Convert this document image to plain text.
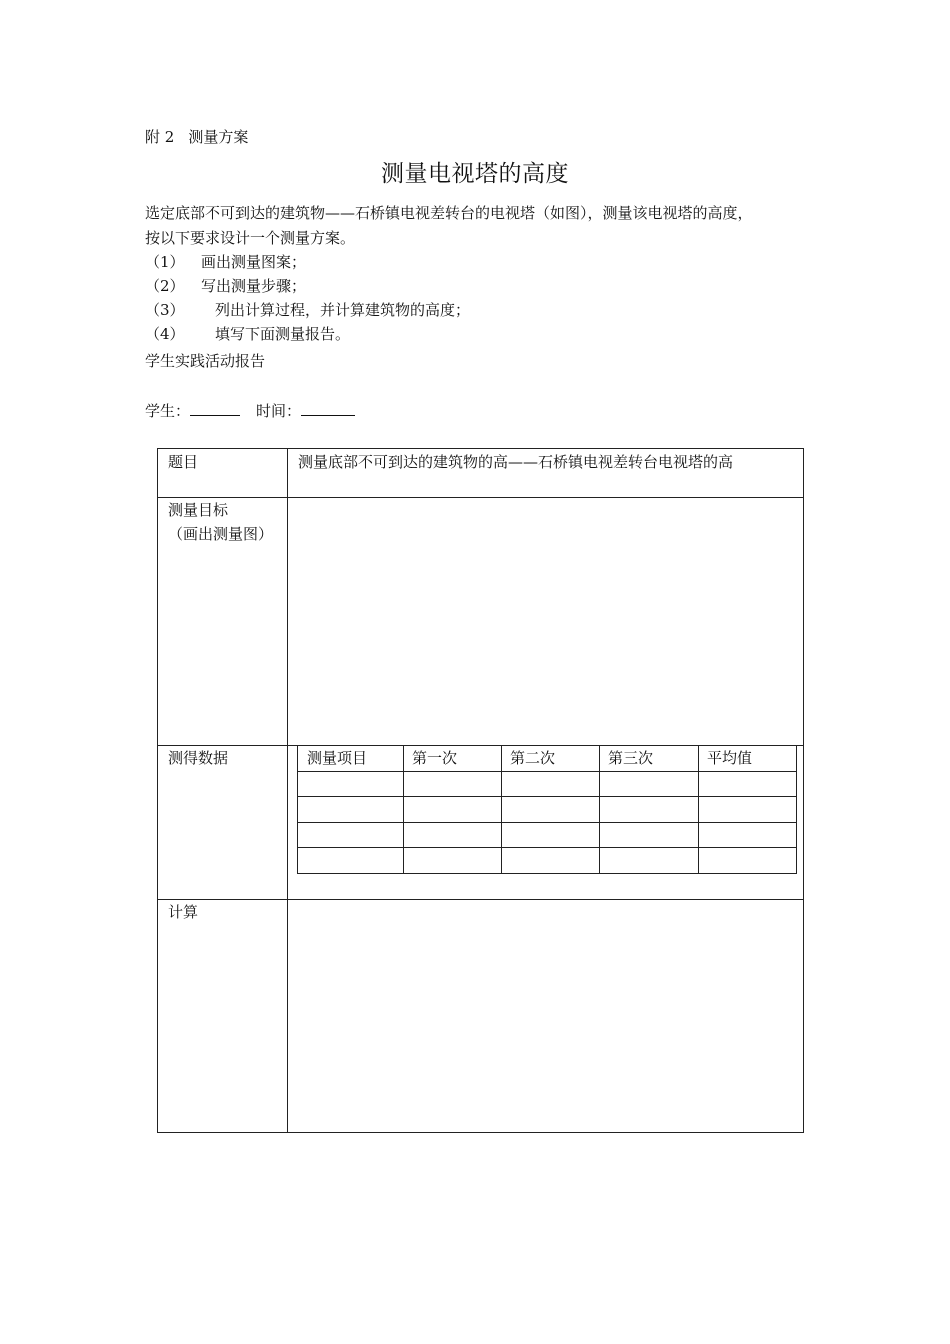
附 2 测量方案
测量电视塔的高度
选定底部不可到达的建筑物——石桥镇电视差转台的电视塔（如图），测量该电视塔的高度，
按以下要求设计一个测量方案。
（1） 画出测量图案；
（2） 写出测量步骤；
（3） 列出计算过程，并计算建筑物的高度；
（4） 填写下面测量报告。
学生实践活动报告
学生：	时间：
题目	测量底部不可到达的建筑物的高——石桥镇电视差转台电视塔的高
测量目标
（画出测量图）
测得数据	测量项目	第一次	第二次	第三次	平均值
计算
